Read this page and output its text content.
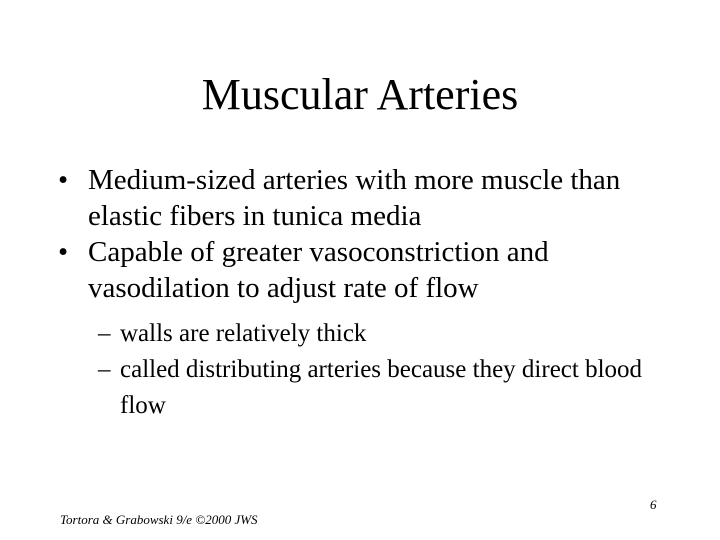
Muscular Arteries
• Medium-sized arteries with more muscle than elastic fibers in tunica media
• Capable of greater vasoconstriction and vasodilation to adjust rate of flow
– walls are relatively thick
– called distributing arteries because they direct blood flow
6
Tortora & Grabowski 9/e ©2000 JWS
